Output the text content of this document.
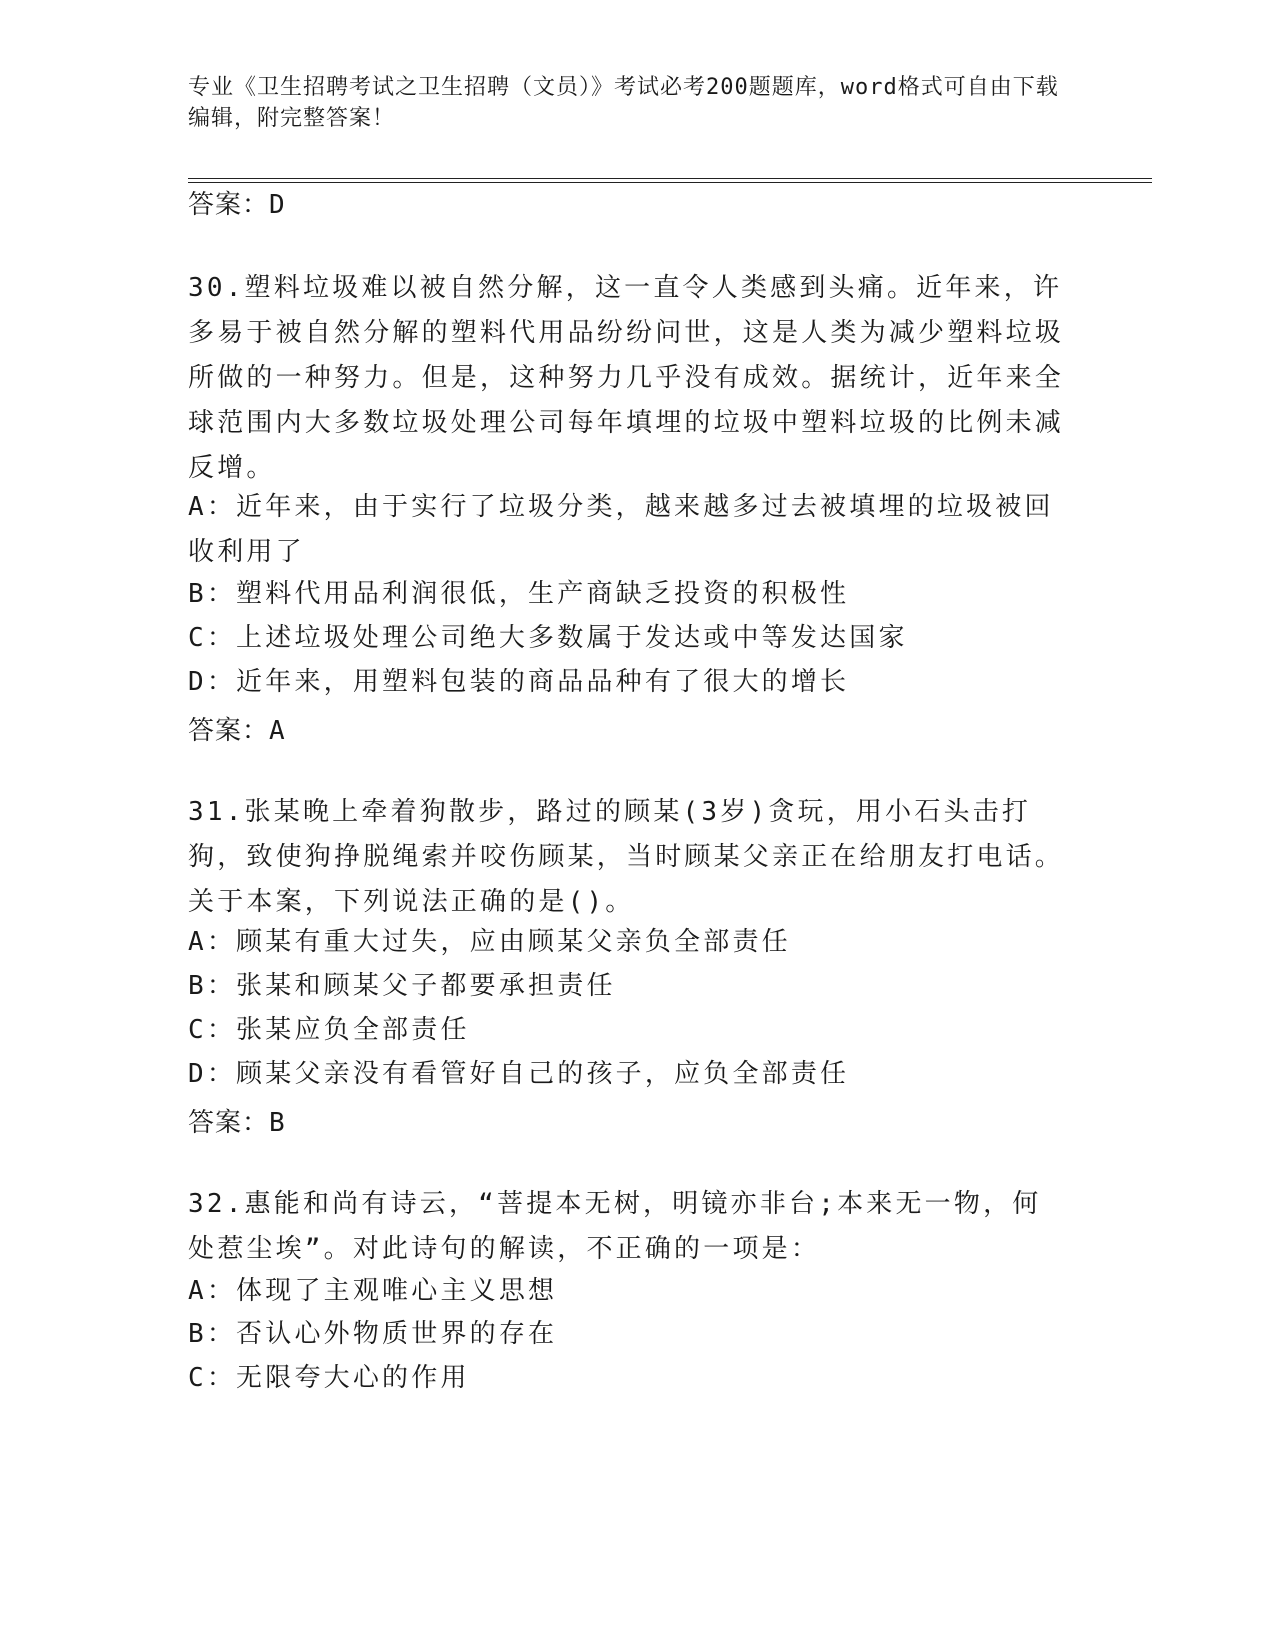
专业《卫生招聘考试之卫生招聘（文员）》考试必考200题题库，word格式可自由下载编辑，附完整答案！
答案：D
30.塑料垃圾难以被自然分解，这一直令人类感到头痛。近年来，许多易于被自然分解的塑料代用品纷纷问世，这是人类为减少塑料垃圾所做的一种努力。但是，这种努力几乎没有成效。据统计，近年来全球范围内大多数垃圾处理公司每年填埋的垃圾中塑料垃圾的比例未减反增。
A：近年来，由于实行了垃圾分类，越来越多过去被填埋的垃圾被回收利用了
B：塑料代用品利润很低，生产商缺乏投资的积极性
C：上述垃圾处理公司绝大多数属于发达或中等发达国家
D：近年来，用塑料包装的商品品种有了很大的增长
答案：A
31.张某晚上牵着狗散步，路过的顾某(3岁)贪玩，用小石头击打狗，致使狗挣脱绳索并咬伤顾某，当时顾某父亲正在给朋友打电话。关于本案，下列说法正确的是()。
A：顾某有重大过失，应由顾某父亲负全部责任
B：张某和顾某父子都要承担责任
C：张某应负全部责任
D：顾某父亲没有看管好自己的孩子，应负全部责任
答案：B
32.惠能和尚有诗云，“菩提本无树，明镜亦非台;本来无一物，何处惹尘埃”。对此诗句的解读，不正确的一项是：
A：体现了主观唯心主义思想
B：否认心外物质世界的存在
C：无限夸大心的作用
